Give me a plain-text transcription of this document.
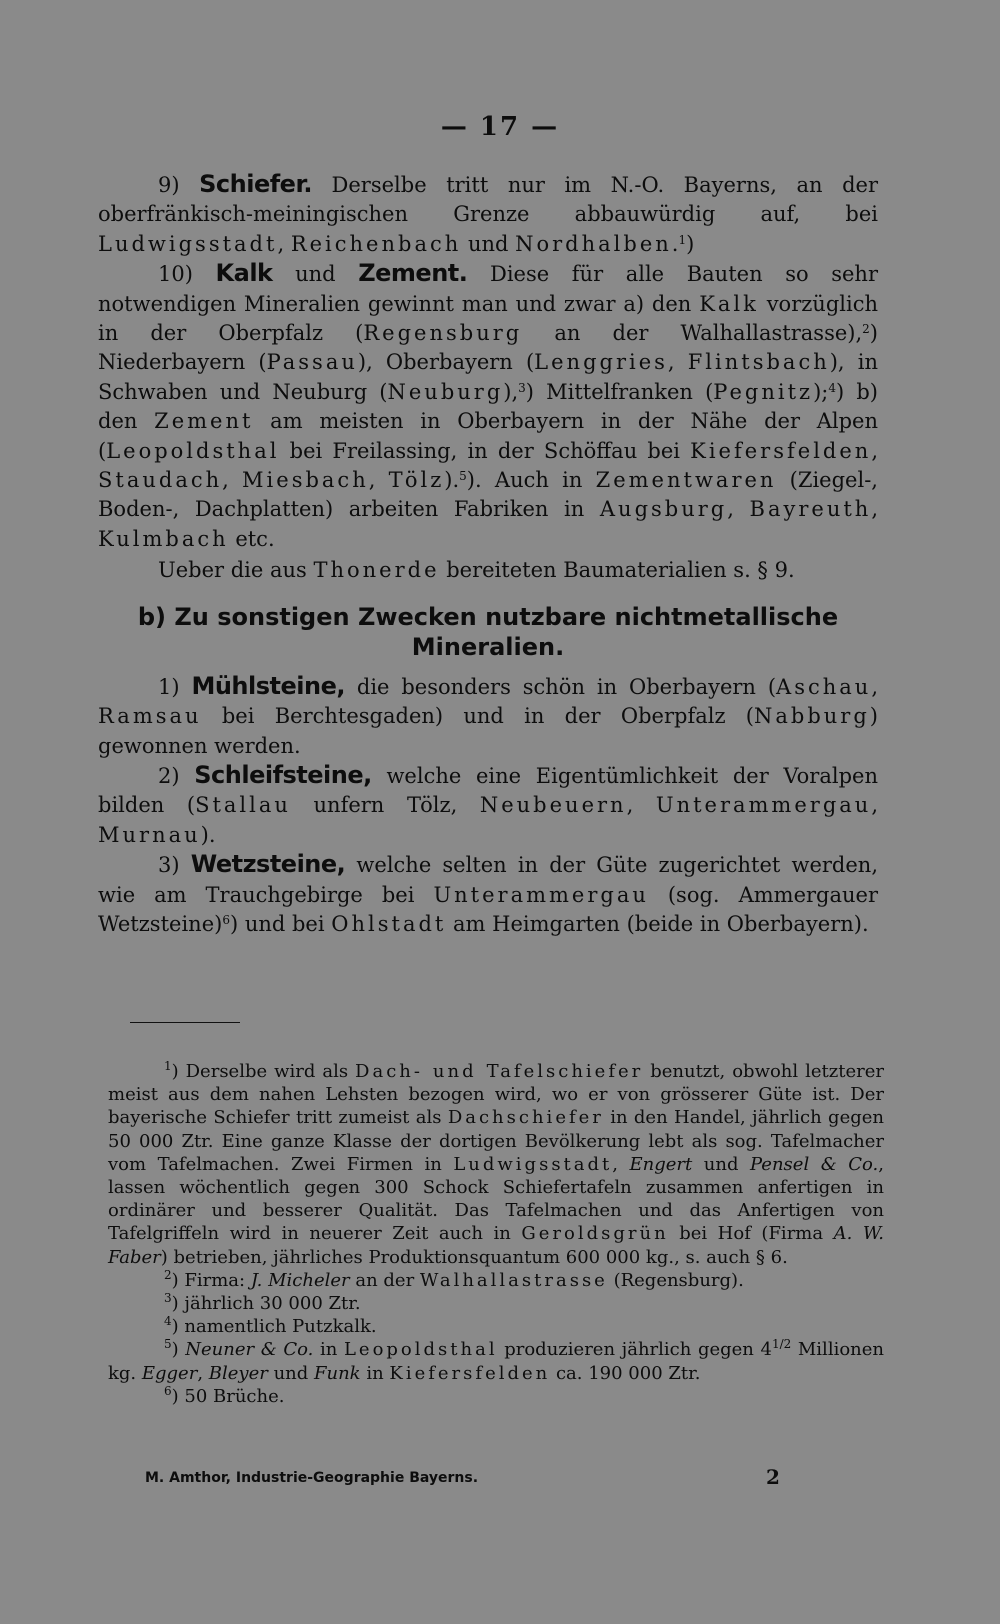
— 17 —

9) Schiefer. Derselbe tritt nur im N.-O. Bayerns, an der oberfränkisch-meiningischen Grenze abbauwürdig auf, bei Ludwigsstadt, Reichenbach und Nordhalben.$^1$)

10) Kalk und Zement. Diese für alle Bauten so sehr notwendigen Mineralien gewinnt man und zwar a) den Kalk vorzüglich in der Oberpfalz (Regensburg an der Walhallastrasse),$^2$) Niederbayern (Passau), Oberbayern (Lenggries, Flintsbach), in Schwaben und Neuburg (Neuburg),$^3$) Mittelfranken (Pegnitz);$^4$) b) den Zement am meisten in Oberbayern in der Nähe der Alpen (Leopoldsthal bei Freilassing, in der Schöffau bei Kiefersfelden, Staudach, Miesbach, Tölz).$^5$). Auch in Zementwaren (Ziegel-, Boden-, Dachplatten) arbeiten Fabriken in Augsburg, Bayreuth, Kulmbach etc.

Ueber die aus Thonerde bereiteten Baumaterialien s. § 9.

b) Zu sonstigen Zwecken nutzbare nichtmetallische Mineralien.

1) Mühlsteine, die besonders schön in Oberbayern (Aschau, Ramsau bei Berchtesgaden) und in der Oberpfalz (Nabburg) gewonnen werden.

2) Schleifsteine, welche eine Eigentümlichkeit der Voralpen bilden (Stallau unfern Tölz, Neubeuern, Unterammergau, Murnau).

3) Wetzsteine, welche selten in der Güte zugerichtet werden, wie am Trauchgebirge bei Unterammergau (sog. Ammergauer Wetzsteine)$^6$) und bei Ohlstadt am Heimgarten (beide in Oberbayern).

$^1$) Derselbe wird als Dach- und Tafelschiefer benutzt, obwohl letzterer meist aus dem nahen Lehsten bezogen wird, wo er von grösserer Güte ist. Der bayerische Schiefer tritt zumeist als Dachschiefer in den Handel, jährlich gegen 50 000 Ztr. Eine ganze Klasse der dortigen Bevölkerung lebt als sog. Tafelmacher vom Tafelmachen. Zwei Firmen in Ludwigsstadt, Engert und Pensel & Co., lassen wöchentlich gegen 300 Schock Schiefertafeln zusammen anfertigen in ordinärer und besserer Qualität. Das Tafelmachen und das Anfertigen von Tafelgriffeln wird in neuerer Zeit auch in Geroldsgrün bei Hof (Firma A. W. Faber) betrieben, jährliches Produktionsquantum 600 000 kg., s. auch § 6.

$^2$) Firma: J. Micheler an der Walhallastrasse (Regensburg).

$^3$) jährlich 30 000 Ztr.

$^4$) namentlich Putzkalk.

$^5$) Neuner & Co. in Leopoldsthal produzieren jährlich gegen $4^{1/2}$ Millionen kg. Egger, Bleyer und Funk in Kiefersfelden ca. 190 000 Ztr.

$^6$) 50 Brüche.

M. Amthor, Industrie-Geographie Bayerns.	2
